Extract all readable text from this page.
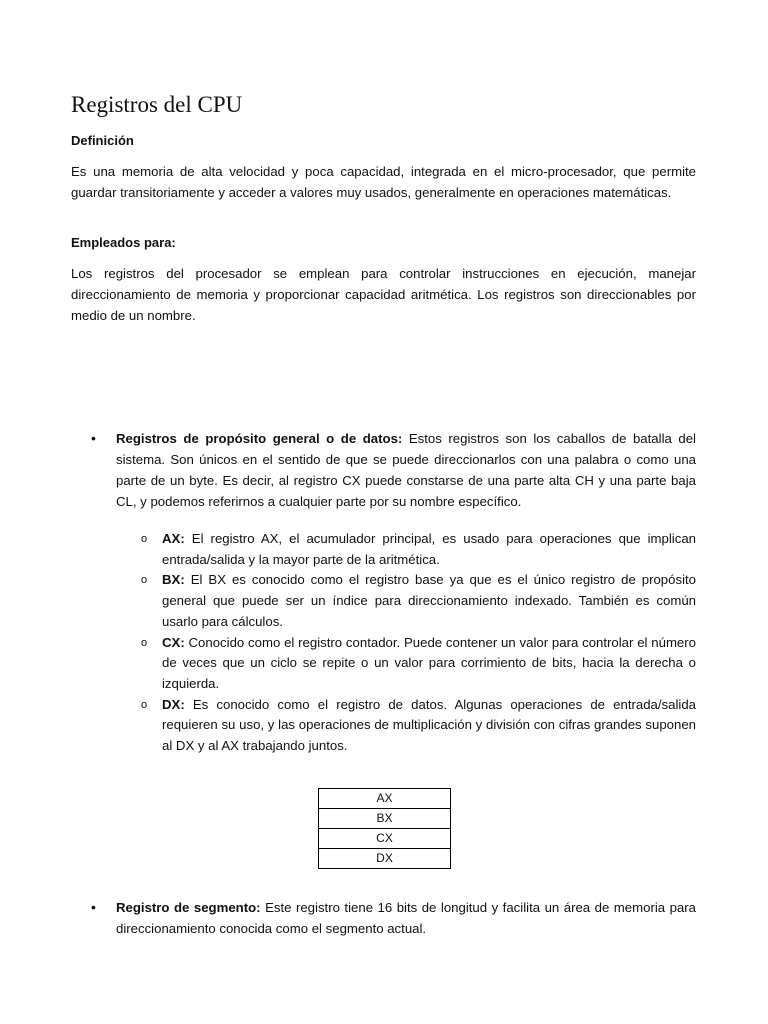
Registros del CPU

Definición

Es una memoria de alta velocidad y poca capacidad, integrada en el micro-procesador, que permite guardar transitoriamente y acceder a valores muy usados, generalmente en operaciones matemáticas.

Empleados para:

Los registros del procesador se emplean para controlar instrucciones en ejecución, manejar direccionamiento de memoria y proporcionar capacidad aritmética. Los registros son direccionables por medio de un nombre.

• Registros de propósito general o de datos: Estos registros son los caballos de batalla del sistema. Son únicos en el sentido de que se puede direccionarlos con una palabra o como una parte de un byte. Es decir, al registro CX puede constarse de una parte alta CH y una parte baja CL, y podemos referirnos a cualquier parte por su nombre específico.

o AX: El registro AX, el acumulador principal, es usado para operaciones que implican entrada/salida y la mayor parte de la aritmética.

o BX: El BX es conocido como el registro base ya que es el único registro de propósito general que puede ser un índice para direccionamiento indexado. También es común usarlo para cálculos.

o CX: Conocido como el registro contador. Puede contener un valor para controlar el número de veces que un ciclo se repite o un valor para corrimiento de bits, hacia la derecha o izquierda.

o DX: Es conocido como el registro de datos. Algunas operaciones de entrada/salida requieren su uso, y las operaciones de multiplicación y división con cifras grandes suponen al DX y al AX trabajando juntos.

AX
BX
CX
DX
• Registro de segmento: Este registro tiene 16 bits de longitud y facilita un área de memoria para direccionamiento conocida como el segmento actual.
